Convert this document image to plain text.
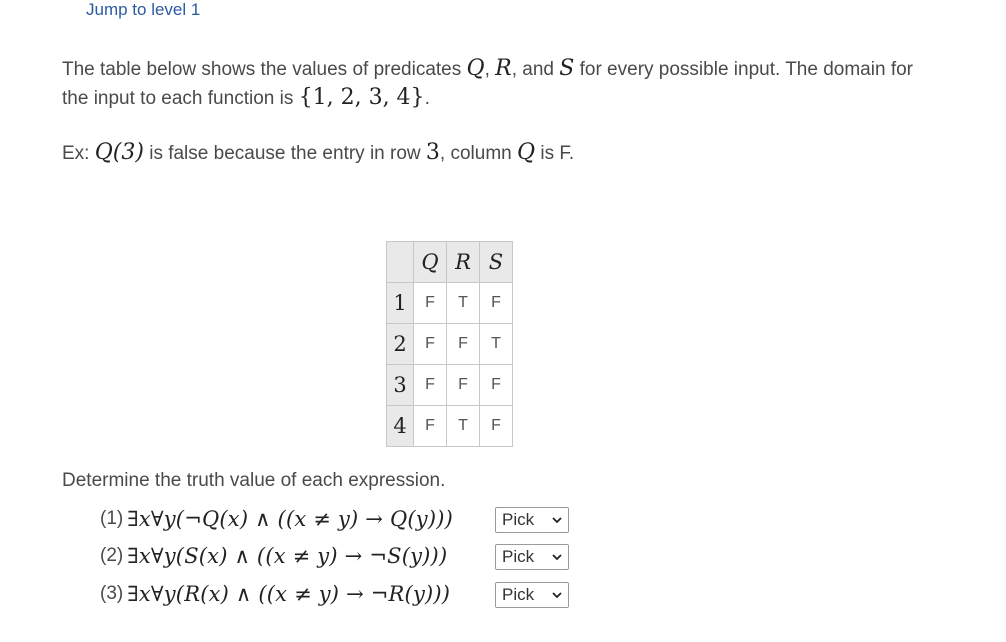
Jump to level 1
The table below shows the values of predicates Q, R, and S for every possible input. The domain for the input to each function is {1, 2, 3, 4}.
Ex: Q(3) is false because the entry in row 3, column Q is F.
	Q	R	S
1	F	T	F
2	F	F	T
3	F	F	F
4	F	T	F
Determine the truth value of each expression.
(1) ∃x∀y(¬Q(x) ∧ ((x ≠ y) → Q(y)))	Pick
(2) ∃x∀y(S(x) ∧ ((x ≠ y) → ¬S(y)))	Pick
(3) ∃x∀y(R(x) ∧ ((x ≠ y) → ¬R(y)))	Pick
